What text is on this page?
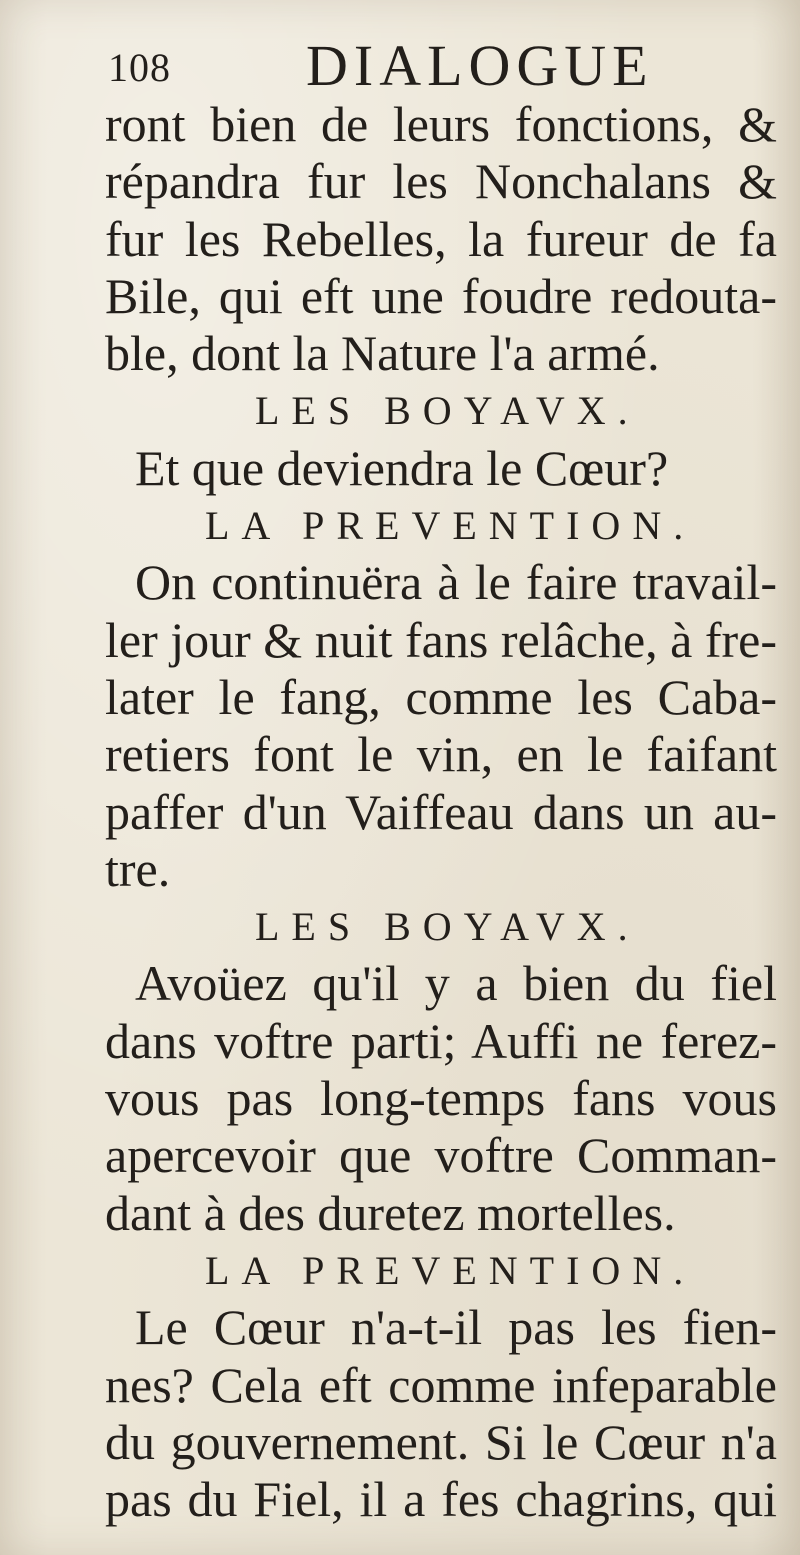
108 DIALOGUE
ront bien de leurs fonctions, &
répandra fur les Nonchalans &
fur les Rebelles, la fureur de fa
Bile, qui eft une foudre redouta-
ble, dont la Nature l'a armé.
LES BOYAVX.
Et que deviendra le Cœur?
LA PREVENTION.
On continuëra à le faire travail-
ler jour & nuit fans relâche, à fre-
later le fang, comme les Caba-
retiers font le vin, en le faifant
paffer d'un Vaiffeau dans un au-
tre.
LES BOYAVX.
Avoüez qu'il y a bien du fiel
dans voftre parti; Auffi ne ferez-
vous pas long-temps fans vous
apercevoir que voftre Comman-
dant à des duretez mortelles.
LA PREVENTION.
Le Cœur n'a-t-il pas les fien-
nes? Cela eft comme infeparable
du gouvernement. Si le Cœur n'a
pas du Fiel, il a fes chagrins, qui
